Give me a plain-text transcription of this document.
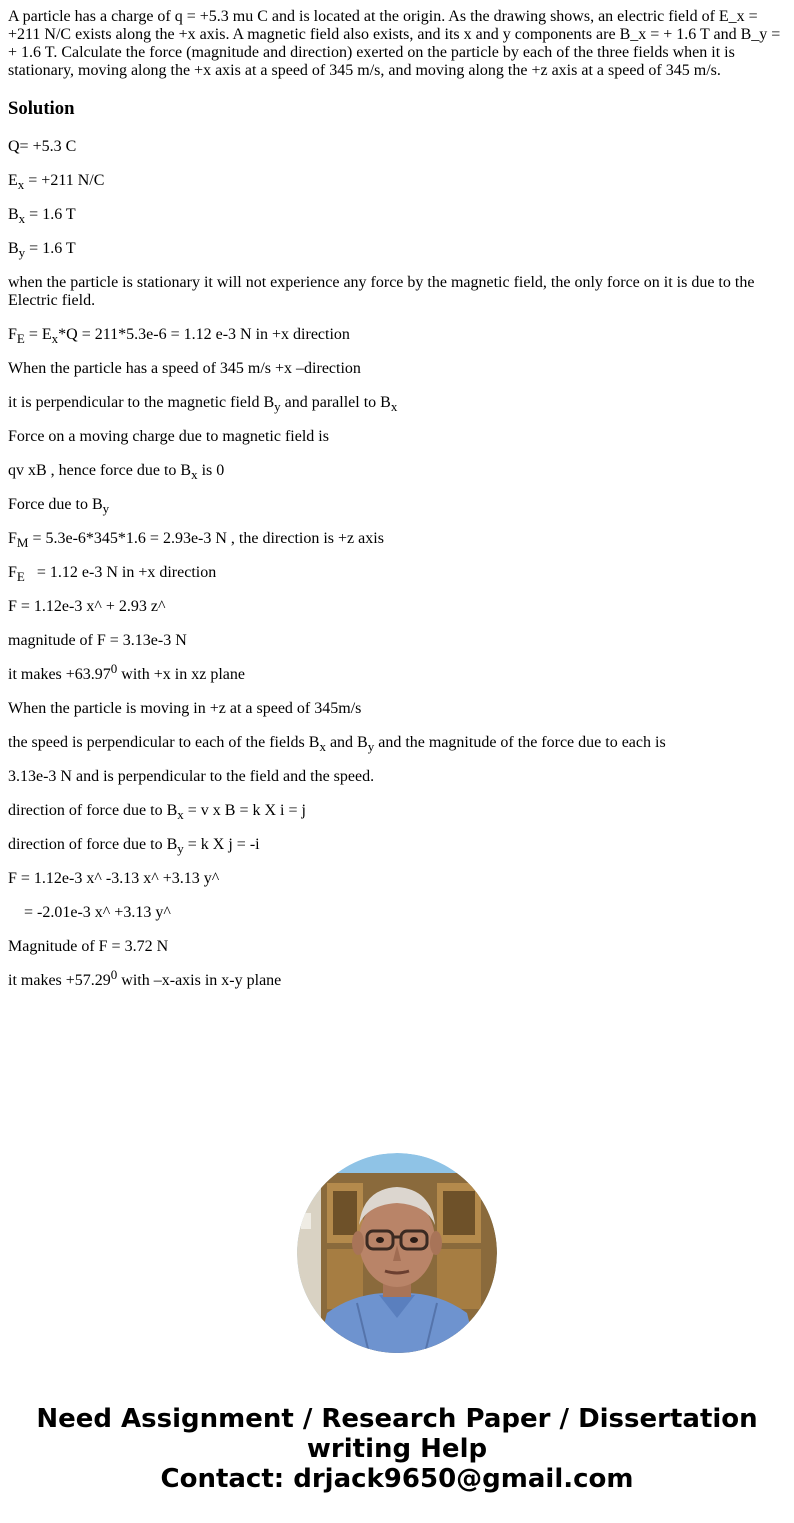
A particle has a charge of q = +5.3 mu C and is located at the origin. As the drawing shows, an electric field of E_x = +211 N/C exists along the +x axis. A magnetic field also exists, and its x and y components are B_x = + 1.6 T and B_y = + 1.6 T. Calculate the force (magnitude and direction) exerted on the particle by each of the three fields when it is stationary, moving along the +x axis at a speed of 345 m/s, and moving along the +z axis at a speed of 345 m/s.

Solution

Q= +5.3 C

$E_x = +211$ N/C

$B_x = 1.6$ T

$B_y = 1.6$ T

when the particle is stationary it will not experience any force by the magnetic field, the only force on it is due to the Electric field.

$F_E = E_x*Q = 211*5.3e-6 = 1.12$ e-3 N in +x direction

When the particle has a speed of 345 m/s +x –direction

it is perpendicular to the magnetic field $B_y$ and parallel to $B_x$

Force on a moving charge due to magnetic field is

qv xB , hence force due to $B_x$ is 0

Force due to $B_y$

$F_M = 5.3e-6*345*1.6 = 2.93e-3$ N , the direction is +z axis

$F_E = 1.12$ e-3 N in +x direction

F = 1.12e-3 x^ + 2.93 z^

magnitude of F = 3.13e-3 N

it makes $+63.97^0$ with +x in xz plane

When the particle is moving in +z at a speed of 345m/s

the speed is perpendicular to each of the fields $B_x$ and $B_y$ and the magnitude of the force due to each is

3.13e-3 N and is perpendicular to the field and the speed.

direction of force due to $B_x = v$ x B = k X i = j

direction of force due to $B_y = k$ X j = -i

F = 1.12e-3 x^ -3.13 x^ +3.13 y^

= -2.01e-3 x^ +3.13 y^

Magnitude of F = 3.72 N

it makes $+57.29^0$ with –x-axis in x-y plane

Need Assignment / Research Paper / Dissertation
writing Help
Contact: drjack9650@gmail.com
